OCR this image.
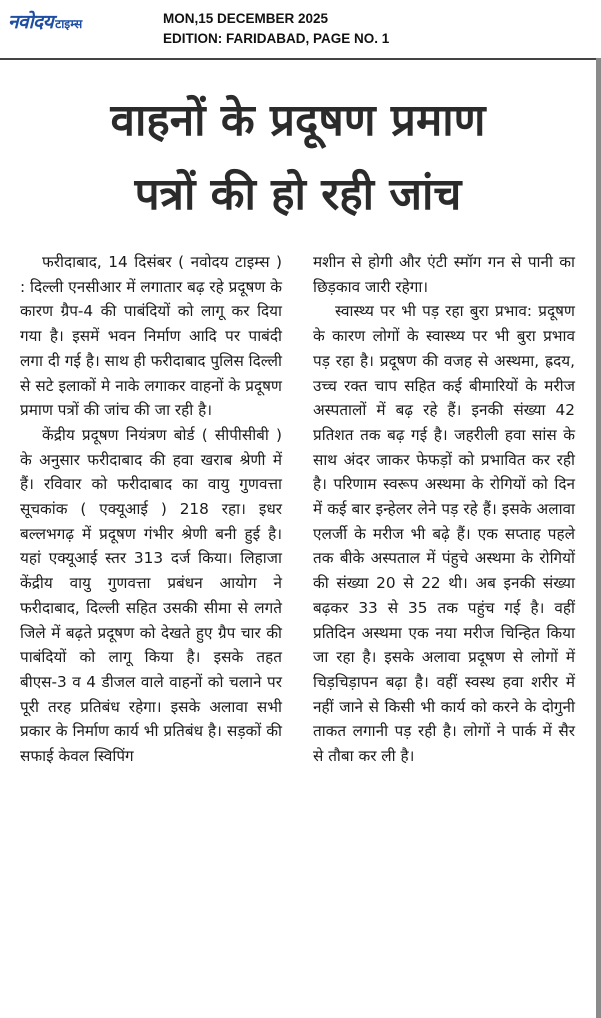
नवोदय टाइम्स	MON,15 DECEMBER 2025
EDITION: FARIDABAD, PAGE NO. 1
वाहनों के प्रदूषण प्रमाण
पत्रों की हो रही जांच

फरीदाबाद, 14 दिसंबर ( नवोदय टाइम्स ) : दिल्ली एनसीआर में लगातार बढ़ रहे प्रदूषण के कारण ग्रैप-4 की पाबंदियों को लागू कर दिया गया है। इसमें भवन निर्माण आदि पर पाबंदी लगा दी गई है। साथ ही फरीदाबाद पुलिस दिल्ली से सटे इलाकों मे नाके लगाकर वाहनों के प्रदूषण प्रमाण पत्रों की जांच की जा रही है।

केंद्रीय प्रदूषण नियंत्रण बोर्ड ( सीपीसीबी ) के अनुसार फरीदाबाद की हवा खराब श्रेणी में हैं। रविवार को फरीदाबाद का वायु गुणवत्ता सूचकांक ( एक्यूआई ) 218 रहा। इधर बल्लभगढ़ में प्रदूषण गंभीर श्रेणी बनी हुई है। यहां एक्यूआई स्तर 313 दर्ज किया। लिहाजा केंद्रीय वायु गुणवत्ता प्रबंधन आयोग ने फरीदाबाद, दिल्ली सहित उसकी सीमा से लगते जिले में बढ़ते प्रदूषण को देखते हुए ग्रैप चार की पाबंदियों को लागू किया है। इसके तहत बीएस-3 व 4 डीजल वाले वाहनों को चलाने पर पूरी तरह प्रतिबंध रहेगा। इसके अलावा सभी प्रकार के निर्माण कार्य भी प्रतिबंध है। सड़कों की सफाई केवल स्विपिंग

मशीन से होगी और एंटी स्मॉग गन से पानी का छिड़काव जारी रहेगा।

स्वास्थ्य पर भी पड़ रहा बुरा प्रभाव: प्रदूषण के कारण लोगों के स्वास्थ्य पर भी बुरा प्रभाव पड़ रहा है। प्रदूषण की वजह से अस्थमा, ह्रदय, उच्च रक्त चाप सहित कई बीमारियों के मरीज अस्पतालों में बढ़ रहे हैं। इनकी संख्या 42 प्रतिशत तक बढ़ गई है। जहरीली हवा सांस के साथ अंदर जाकर फेफड़ों को प्रभावित कर रही है। परिणाम स्वरूप अस्थमा के रोगियों को दिन में कई बार इन्हेलर लेने पड़ रहे हैं। इसके अलावा एलर्जी के मरीज भी बढ़े हैं। एक सप्ताह पहले तक बीके अस्पताल में पंहुचे अस्थमा के रोगियों की संख्या 20 से 22 थी। अब इनकी संख्या बढ़कर 33 से 35 तक पहुंच गई है। वहीं प्रतिदिन अस्थमा एक नया मरीज चिन्हित किया जा रहा है। इसके अलावा प्रदूषण से लोगों में चिड़चिड़ापन बढ़ा है। वहीं स्वस्थ हवा शरीर में नहीं जाने से किसी भी कार्य को करने के दोगुनी ताकत लगानी पड़ रही है। लोगों ने पार्क में सैर से तौबा कर ली है।
